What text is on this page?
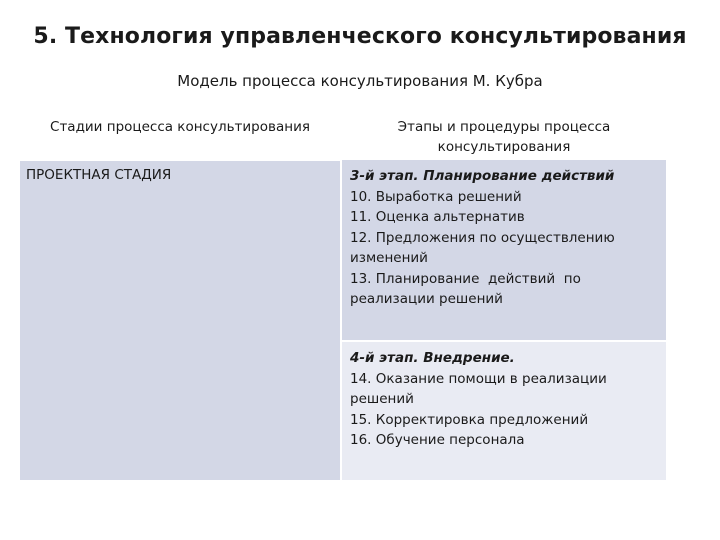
5. Технология управленческого консультирования
Модель процесса консультирования М. Кубра
Стадии процесса консультирования	Этапы и процедуры процесса
консультирования
ПРОЕКТНАЯ СТАДИЯ	3-й этап. Планирование действий
10. Выработка решений
11. Оценка альтернатив
12. Предложения по осуществлению
изменений
13. Планирование  действий  по
реализации решений
4-й этап. Внедрение.
14. Оказание помощи в реализации
решений
15. Корректировка предложений
16. Обучение персонала
